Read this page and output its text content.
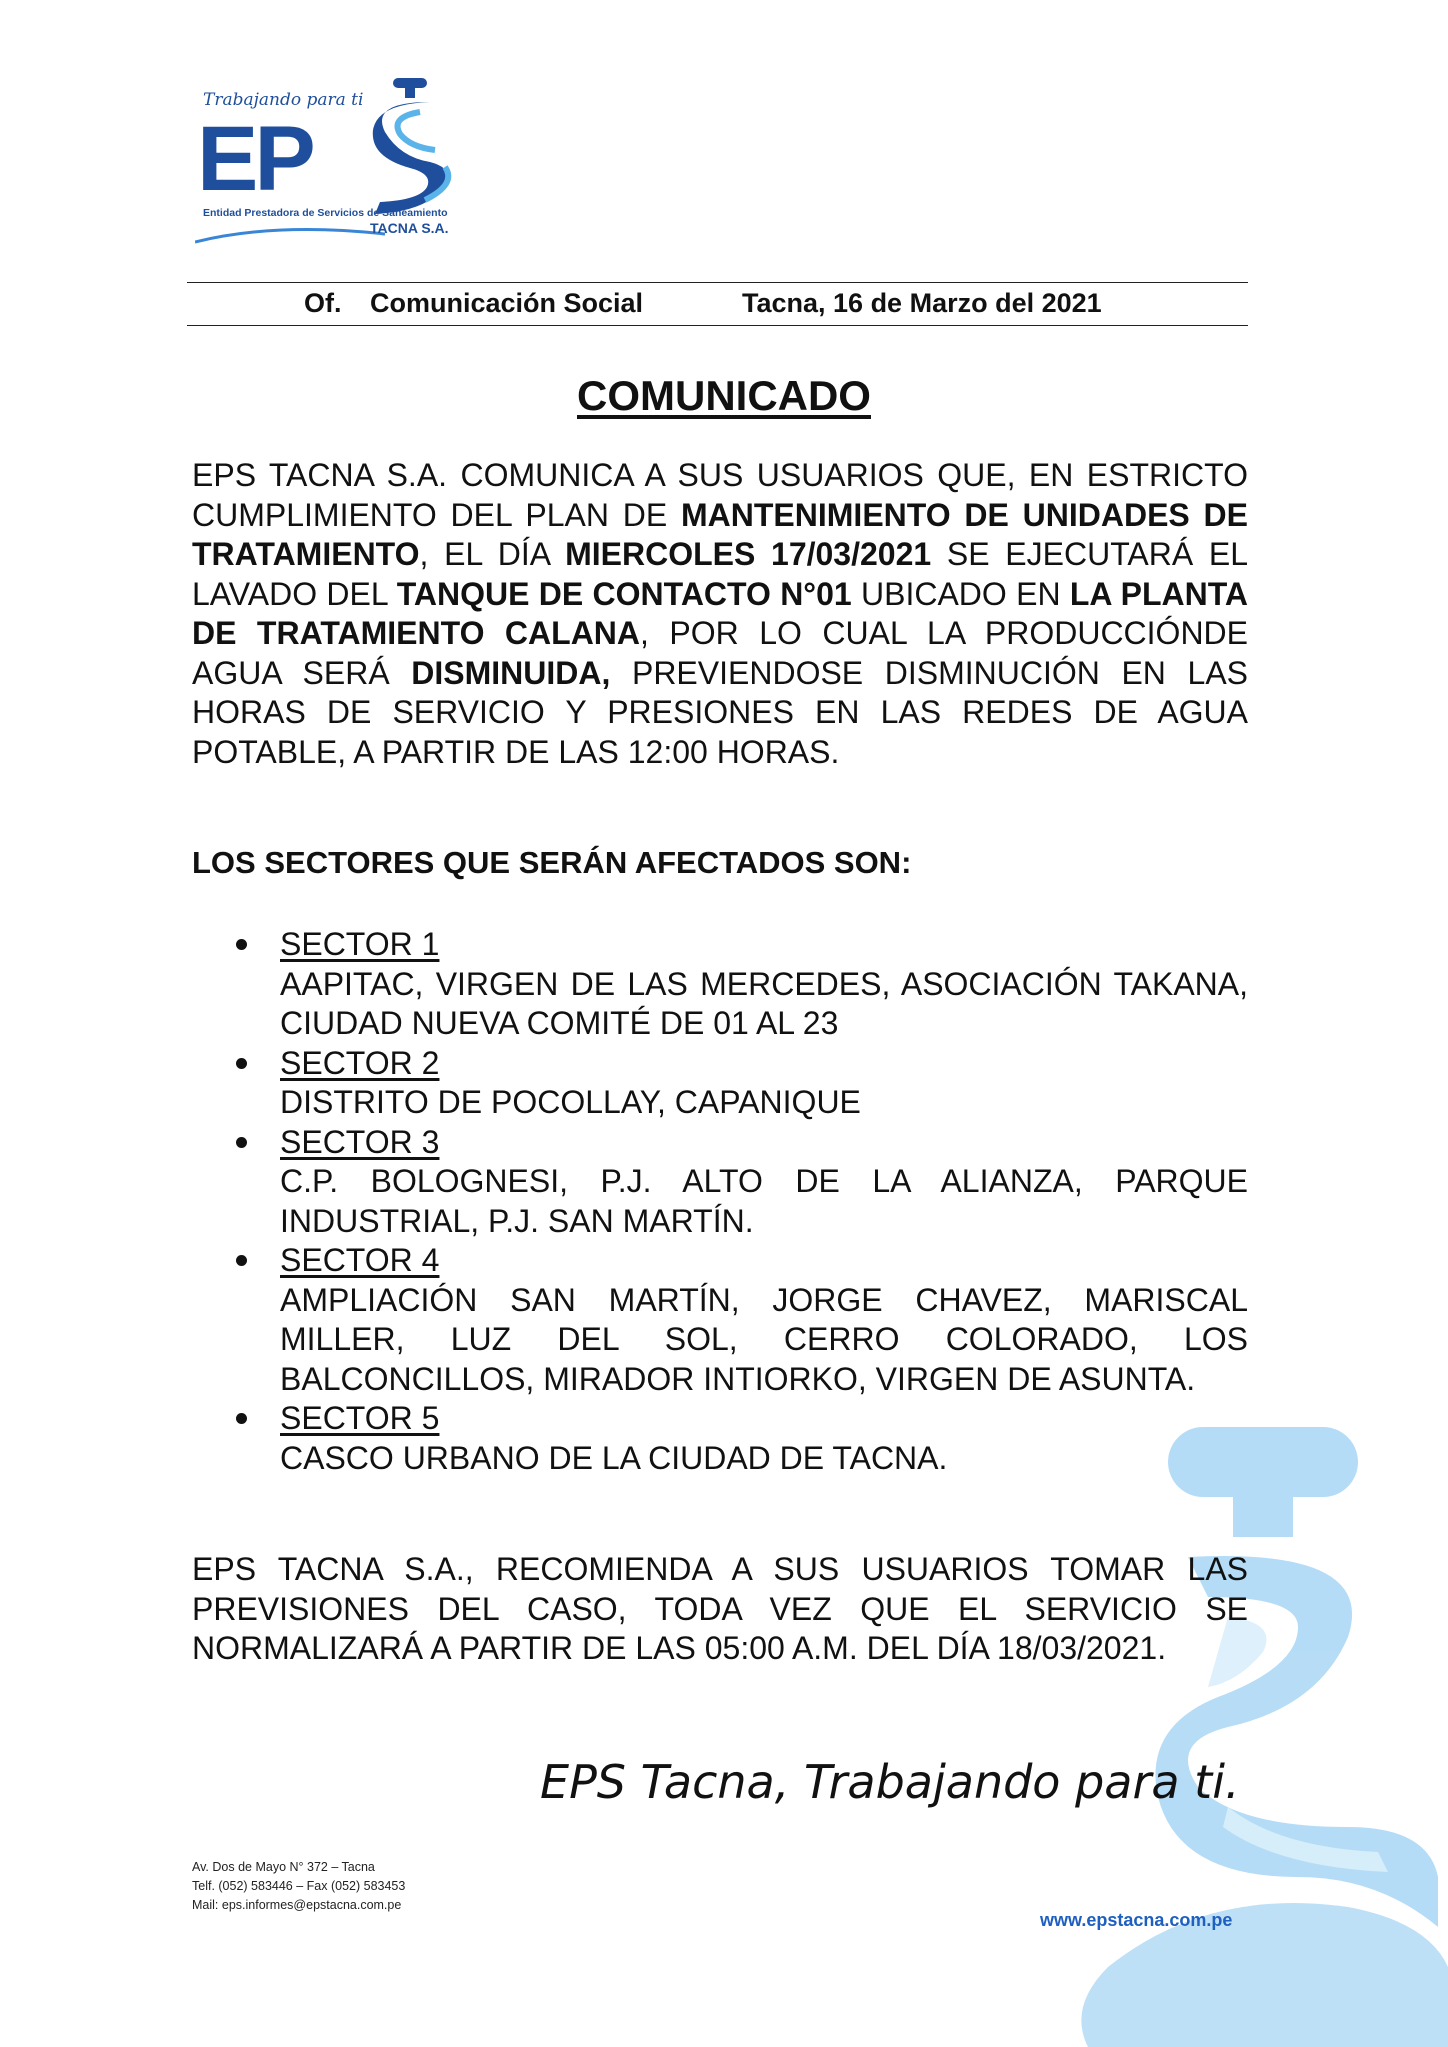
EP
Trabajando para ti
Entidad Prestadora de Servicios de Saneamiento
TACNA S.A.
Of. Comunicación Social	Tacna, 16 de Marzo del 2021
COMUNICADO
EPS TACNA S.A. COMUNICA A SUS USUARIOS QUE, EN ESTRICTO CUMPLIMIENTO DEL PLAN DE MANTENIMIENTO DE UNIDADES DE TRATAMIENTO, EL DÍA MIERCOLES 17/03/2021 SE EJECUTARÁ EL LAVADO DEL TANQUE DE CONTACTO N°01 UBICADO EN LA PLANTA DE TRATAMIENTO CALANA, POR LO CUAL LA PRODUCCIÓNDE AGUA SERÁ DISMINUIDA, PREVIENDOSE DISMINUCIÓN EN LAS HORAS DE SERVICIO Y PRESIONES EN LAS REDES DE AGUA POTABLE, A PARTIR DE LAS 12:00 HORAS.
LOS SECTORES QUE SERÁN AFECTADOS SON:
SECTOR 1
AAPITAC, VIRGEN DE LAS MERCEDES, ASOCIACIÓN TAKANA, CIUDAD NUEVA COMITÉ DE 01 AL 23
SECTOR 2
DISTRITO DE POCOLLAY, CAPANIQUE
SECTOR 3
C.P. BOLOGNESI, P.J. ALTO DE LA ALIANZA, PARQUE INDUSTRIAL, P.J. SAN MARTÍN.
SECTOR 4
AMPLIACIÓN SAN MARTÍN, JORGE CHAVEZ, MARISCAL MILLER, LUZ DEL SOL, CERRO COLORADO, LOS BALCONCILLOS, MIRADOR INTIORKO, VIRGEN DE ASUNTA.
SECTOR 5
CASCO URBANO DE LA CIUDAD DE TACNA.
EPS TACNA S.A., RECOMIENDA A SUS USUARIOS TOMAR LAS PREVISIONES DEL CASO, TODA VEZ QUE EL SERVICIO SE NORMALIZARÁ A PARTIR DE LAS 05:00 A.M. DEL DÍA 18/03/2021.
EPS Tacna, Trabajando para ti.
Av. Dos de Mayo N° 372 – Tacna
Telf. (052) 583446 – Fax (052) 583453
Mail: eps.informes@epstacna.com.pe
www.epstacna.com.pe
